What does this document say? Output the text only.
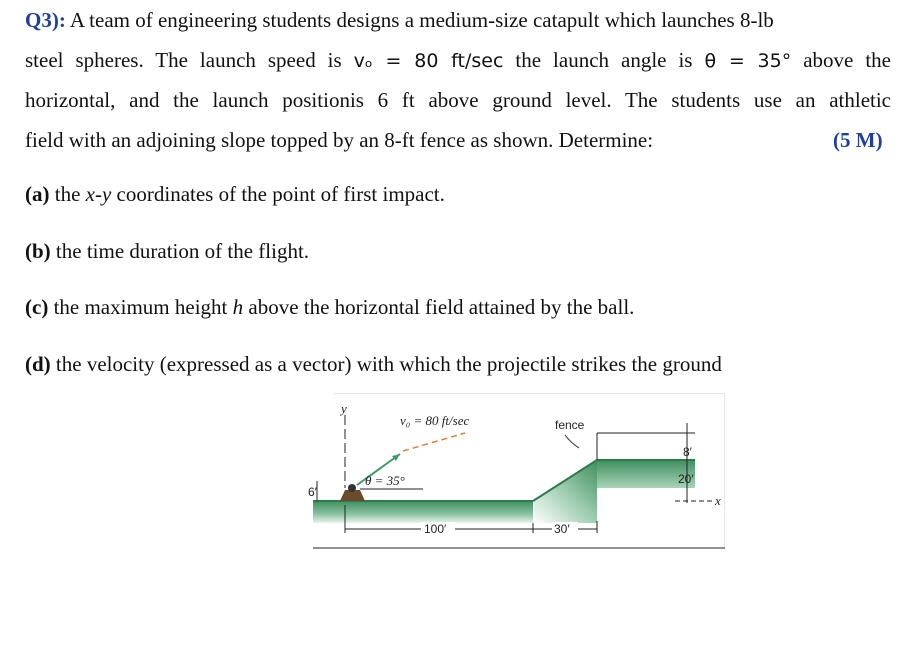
Q3): A team of engineering students designs a medium-size catapult which launches 8-lb
steel spheres. The launch speed is vₒ = 80 ft/sec the launch angle is θ = 35° above the
horizontal, and the launch positionis 6 ft above ground level. The students use an athletic
field with an adjoining slope topped by an 8-ft fence as shown. Determine:	(5 M)
(a) the x-y coordinates of the point of first impact.
(b) the time duration of the flight.
(c) the maximum height h above the horizontal field attained by the ball.
(d) the velocity (expressed as a vector) with which the projectile strikes the ground
fence
8′
20′
x
y
6′
v₀ = 80 ft/sec
θ = 35°
100′	30′
